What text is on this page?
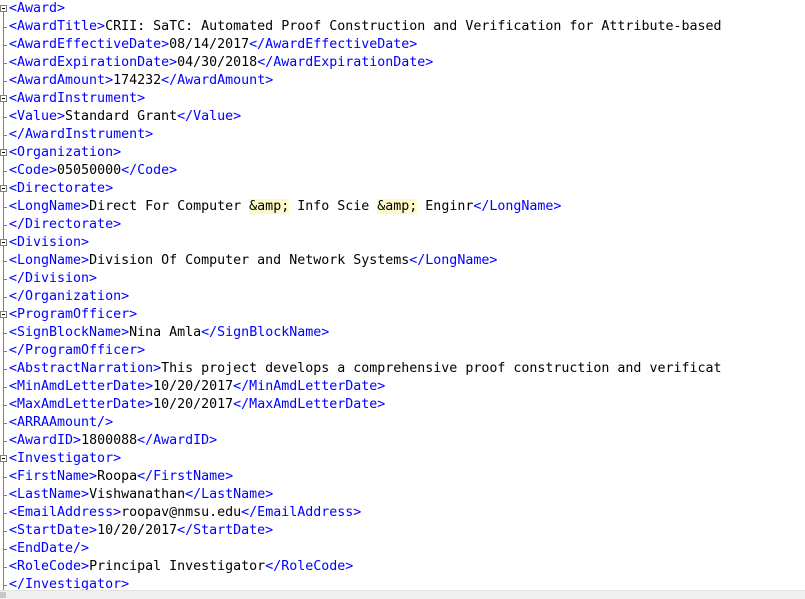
<Award>
<AwardTitle>CRII: SaTC: Automated Proof Construction and Verification for Attribute-based
<AwardEffectiveDate>08/14/2017</AwardEffectiveDate>
<AwardExpirationDate>04/30/2018</AwardExpirationDate>
<AwardAmount>174232</AwardAmount>
<AwardInstrument>
<Value>Standard Grant</Value>
</AwardInstrument>
<Organization>
<Code>05050000</Code>
<Directorate>
<LongName>Direct For Computer &amp; Info Scie &amp; Enginr</LongName>
</Directorate>
<Division>
<LongName>Division Of Computer and Network Systems</LongName>
</Division>
</Organization>
<ProgramOfficer>
<SignBlockName>Nina Amla</SignBlockName>
</ProgramOfficer>
<AbstractNarration>This project develops a comprehensive proof construction and verificat
<MinAmdLetterDate>10/20/2017</MinAmdLetterDate>
<MaxAmdLetterDate>10/20/2017</MaxAmdLetterDate>
<ARRAAmount/>
<AwardID>1800088</AwardID>
<Investigator>
<FirstName>Roopa</FirstName>
<LastName>Vishwanathan</LastName>
<EmailAddress>roopav@nmsu.edu</EmailAddress>
<StartDate>10/20/2017</StartDate>
<EndDate/>
<RoleCode>Principal Investigator</RoleCode>
</Investigator>
